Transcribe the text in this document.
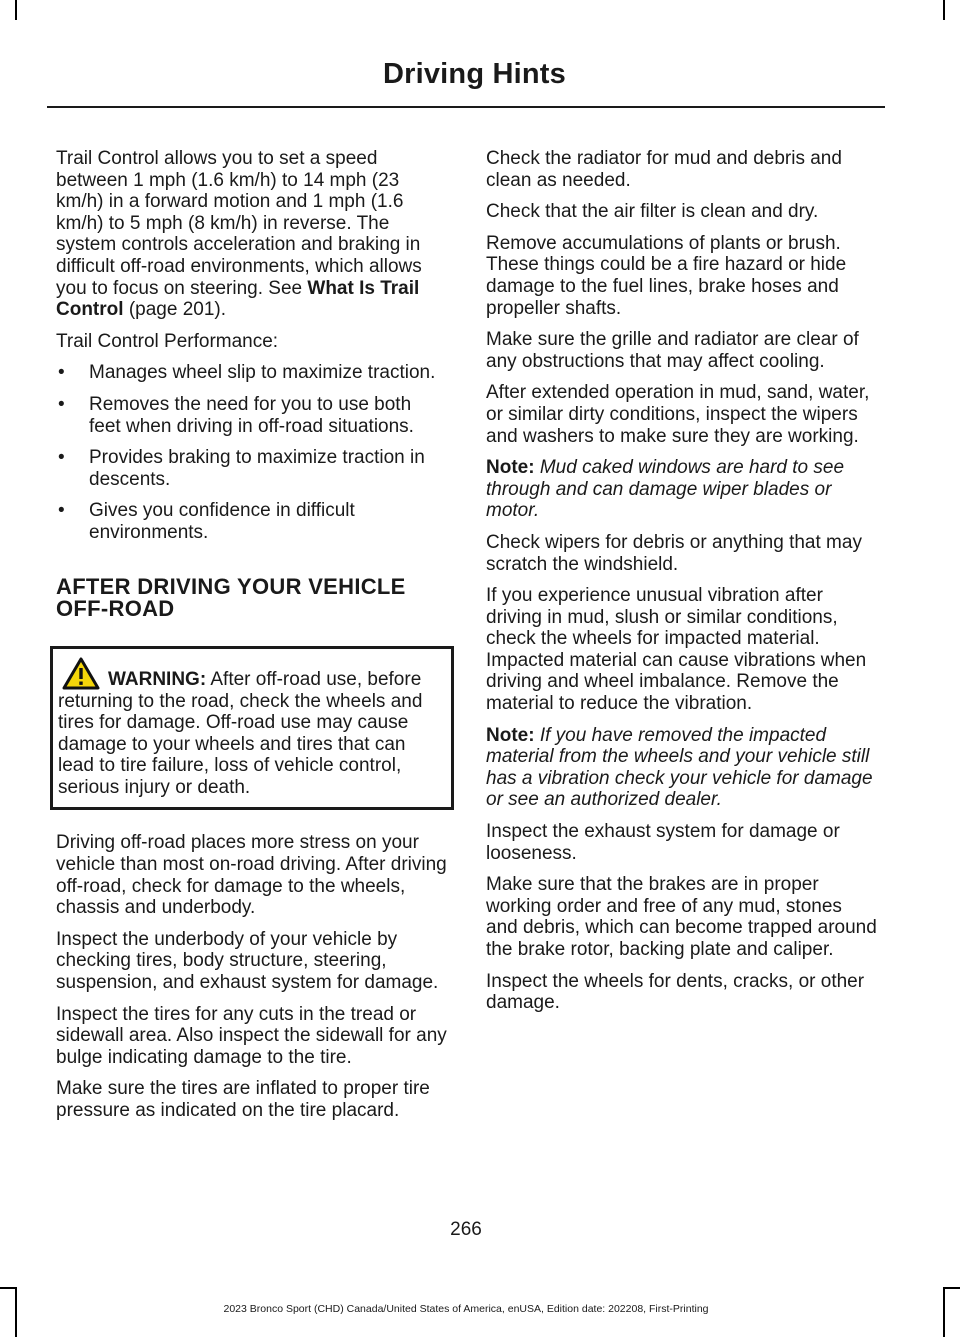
Driving Hints

Trail Control allows you to set a speed between 1 mph (1.6 km/h) to 14 mph (23 km/h) in a forward motion and 1 mph (1.6 km/h) to 5 mph (8 km/h) in reverse. The system controls acceleration and braking in difficult off-road environments, which allows you to focus on steering. See What Is Trail Control (page 201).

Trail Control Performance:

• Manages wheel slip to maximize traction.
• Removes the need for you to use both feet when driving in off-road situations.
• Provides braking to maximize traction in descents.
• Gives you confidence in difficult environments.
AFTER DRIVING YOUR VEHICLE OFF-ROAD
WARNING: After off-road use, before returning to the road, check the wheels and tires for damage. Off-road use may cause damage to your wheels and tires that can lead to tire failure, loss of vehicle control, serious injury or death.

Driving off-road places more stress on your vehicle than most on-road driving. After driving off-road, check for damage to the wheels, chassis and underbody.

Inspect the underbody of your vehicle by checking tires, body structure, steering, suspension, and exhaust system for damage.

Inspect the tires for any cuts in the tread or sidewall area. Also inspect the sidewall for any bulge indicating damage to the tire.

Make sure the tires are inflated to proper tire pressure as indicated on the tire placard.

Check the radiator for mud and debris and clean as needed.

Check that the air filter is clean and dry.

Remove accumulations of plants or brush. These things could be a fire hazard or hide damage to the fuel lines, brake hoses and propeller shafts.

Make sure the grille and radiator are clear of any obstructions that may affect cooling.

After extended operation in mud, sand, water, or similar dirty conditions, inspect the wipers and washers to make sure they are working.

Note: Mud caked windows are hard to see through and can damage wiper blades or motor.

Check wipers for debris or anything that may scratch the windshield.

If you experience unusual vibration after driving in mud, slush or similar conditions, check the wheels for impacted material. Impacted material can cause vibrations when driving and wheel imbalance. Remove the material to reduce the vibration.

Note: If you have removed the impacted material from the wheels and your vehicle still has a vibration check your vehicle for damage or see an authorized dealer.

Inspect the exhaust system for damage or looseness.

Make sure that the brakes are in proper working order and free of any mud, stones and debris, which can become trapped around the brake rotor, backing plate and caliper.

Inspect the wheels for dents, cracks, or other damage.

266
2023 Bronco Sport (CHD) Canada/United States of America, enUSA, Edition date: 202208, First-Printing
